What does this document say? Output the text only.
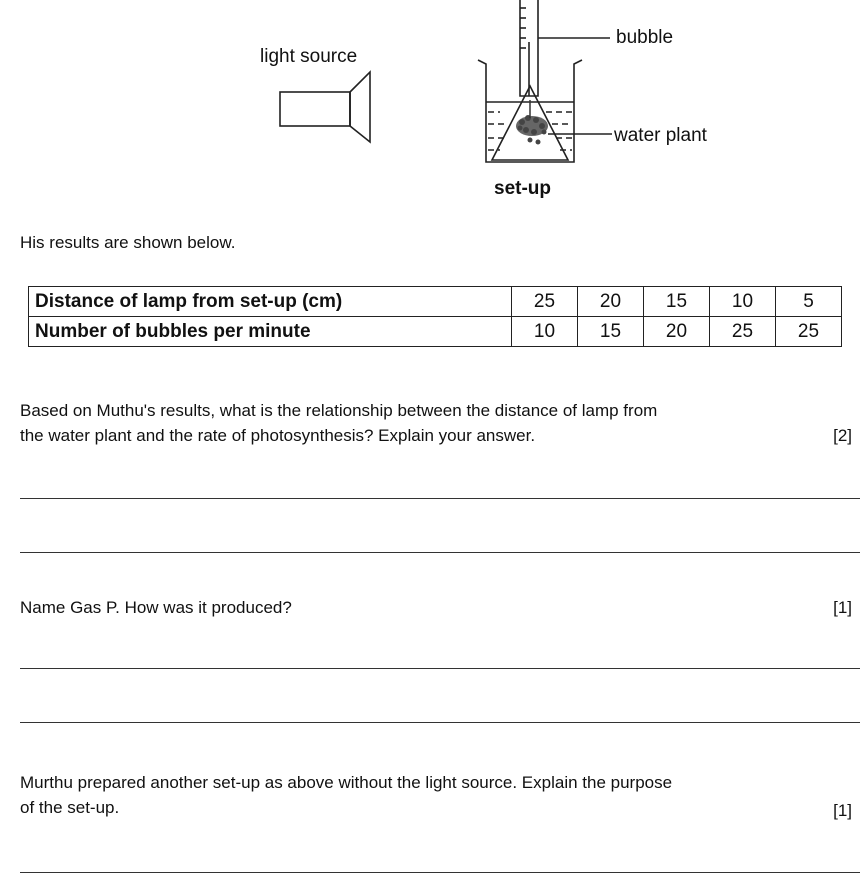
light source
bubble
water plant
set-up
His results are shown below.
Distance of lamp from set-up (cm)	25	20	15	10	5
Number of bubbles per minute	10	15	20	25	25
Based on Muthu's results, what is the relationship between the distance of lamp from
the water plant and the rate of photosynthesis? Explain your answer.	[2]
Name Gas P. How was it produced?	[1]
Murthu prepared another set-up as above without the light source. Explain the purpose
of the set-up.	[1]
